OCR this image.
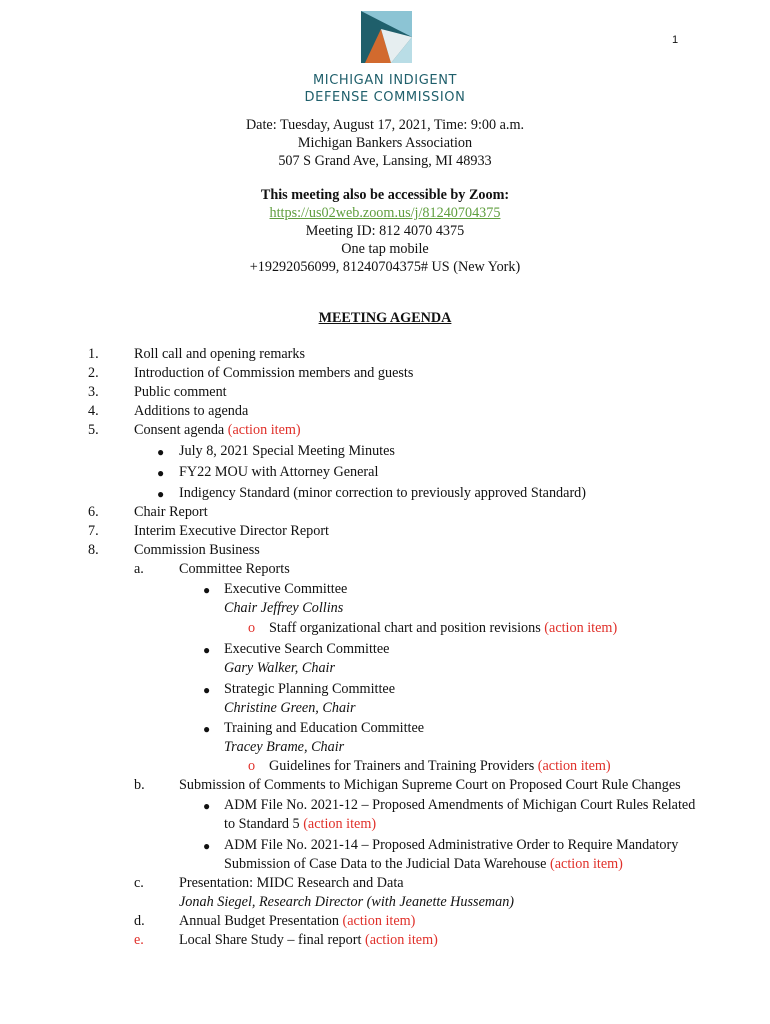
1
MICHIGAN INDIGENT
DEFENSE COMMISSION
Date: Tuesday, August 17, 2021, Time: 9:00 a.m.
Michigan Bankers Association
507 S Grand Ave, Lansing, MI 48933
This meeting also be accessible by Zoom:
https://us02web.zoom.us/j/81240704375
Meeting ID: 812 4070 4375
One tap mobile
+19292056099, 81240704375# US (New York)
MEETING AGENDA
1. Roll call and opening remarks
2. Introduction of Commission members and guests
3. Public comment
4. Additions to agenda
5. Consent agenda (action item)
● July 8, 2021 Special Meeting Minutes
● FY22 MOU with Attorney General
● Indigency Standard (minor correction to previously approved Standard)
6. Chair Report
7. Interim Executive Director Report
8. Commission Business
a. Committee Reports
● Executive Committee
Chair Jeffrey Collins
o Staff organizational chart and position revisions (action item)
● Executive Search Committee
Gary Walker, Chair
● Strategic Planning Committee
Christine Green, Chair
● Training and Education Committee
Tracey Brame, Chair
o Guidelines for Trainers and Training Providers (action item)
b. Submission of Comments to Michigan Supreme Court on Proposed Court Rule Changes
● ADM File No. 2021-12 – Proposed Amendments of Michigan Court Rules Related
to Standard 5 (action item)
● ADM File No. 2021-14 – Proposed Administrative Order to Require Mandatory
Submission of Case Data to the Judicial Data Warehouse (action item)
c. Presentation: MIDC Research and Data
Jonah Siegel, Research Director (with Jeanette Husseman)
d. Annual Budget Presentation (action item)
e. Local Share Study – final report (action item)
